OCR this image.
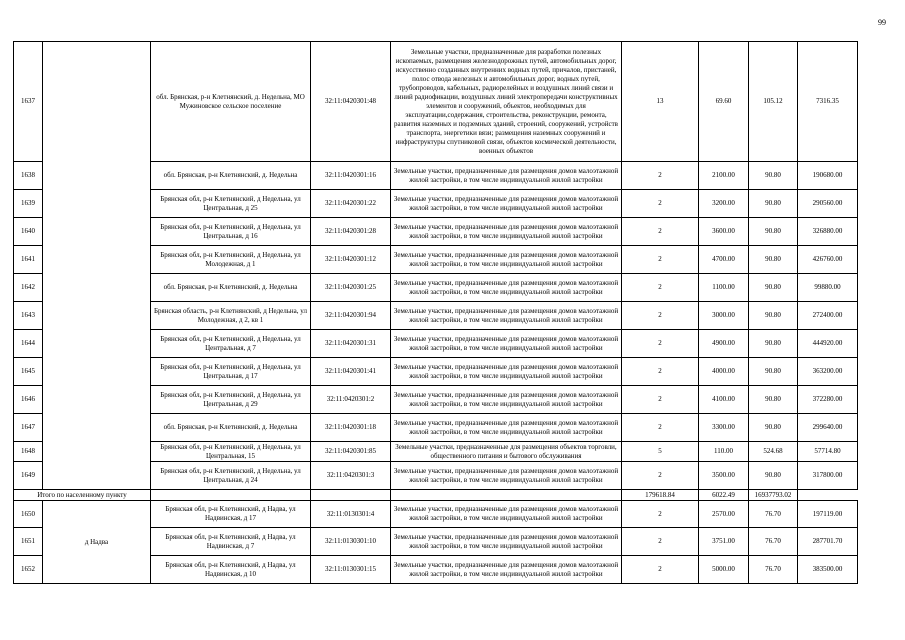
99
1637		обл. Брянская, р-н Клетнянский, д. Недельна, МО Мужиновское сельское поселение	32:11:0420301:48	Земельные участки, предназначенные для разработки полезных ископаемых, размещения железнодорожных путей, автомобильных дорог, искусственно созданных внутренних водных путей, причалов, пристаней, полос отвода железных и автомобильных дорог, водных путей, трубопроводов, кабельных, радиорелейных и воздушных линий связи и линий радиофикации, воздушных линий электропередачи конструктивных элементов и сооружений, объектов, необходимых для эксплуатации,содержания, строительства, реконструкции, ремонта, развития наземных и подземных зданий, строений, сооружений, устройств транспорта, энергетики вязи; размещения наземных сооружений и инфраструктуры спутниковой связи, объектов космической деятельности, военных объектов	13	69.60	105.12	7316.35
1638		обл. Брянская, р-н Клетнянский, д. Недельна	32:11:0420301:16	Земельные участки, предназначенные для размещения домов малоэтажной жилой застройки, в том числе индивидуальной жилой застройки	2	2100.00	90.80	190680.00
1639		Брянская обл, р-н Клетнянский, д Недельна, ул Центральная, д 25	32:11:0420301:22	Земельные участки, предназначенные для размещения домов малоэтажной жилой застройки, в том числе индивидуальной жилой застройки	2	3200.00	90.80	290560.00
1640		Брянская обл, р-н Клетнянский, д Недельна, ул Центральная, д 16	32:11:0420301:28	Земельные участки, предназначенные для размещения домов малоэтажной жилой застройки, в том числе индивидуальной жилой застройки	2	3600.00	90.80	326880.00
1641		Брянская обл, р-н Клетнянский, д Недельна, ул Молодежная, д 1	32:11:0420301:12	Земельные участки, предназначенные для размещения домов малоэтажной жилой застройки, в том числе индивидуальной жилой застройки	2	4700.00	90.80	426760.00
1642		обл. Брянская, р-н Клетнянский, д. Недельна	32:11:0420301:25	Земельные участки, предназначенные для размещения домов малоэтажной жилой застройки, в том числе индивидуальной жилой застройки	2	1100.00	90.80	99880.00
1643		Брянская область, р-н Клетнянский, д Недельна, ул Молодежная, д 2, кв 1	32:11:0420301:94	Земельные участки, предназначенные для размещения домов малоэтажной жилой застройки, в том числе индивидуальной жилой застройки	2	3000.00	90.80	272400.00
1644		Брянская обл, р-н Клетнянский, д Недельна, ул Центральная, д 7	32:11:0420301:31	Земельные участки, предназначенные для размещения домов малоэтажной жилой застройки, в том числе индивидуальной жилой застройки	2	4900.00	90.80	444920.00
1645		Брянская обл, р-н Клетнянский, д Недельна, ул Центральная, д 17	32:11:0420301:41	Земельные участки, предназначенные для размещения домов малоэтажной жилой застройки, в том числе индивидуальной жилой застройки	2	4000.00	90.80	363200.00
1646		Брянская обл, р-н Клетнянский, д Недельна, ул Центральная, д 29	32:11:0420301:2	Земельные участки, предназначенные для размещения домов малоэтажной жилой застройки, в том числе индивидуальной жилой застройки	2	4100.00	90.80	372280.00
1647		обл. Брянская, р-н Клетнянский, д. Недельна	32:11:0420301:18	Земельные участки, предназначенные для размещения домов малоэтажной жилой застройки, в том числе индивидуальной жилой застройки	2	3300.00	90.80	299640.00
1648		Брянская обл, р-н Клетнянский, д Недельна, ул Центральная, 15	32:11:0420301:85	Земельные участки, предназначенные для размещения объектов торговли, общественного питания и бытового обслуживания	5	110.00	524.68	57714.80
1649		Брянская обл, р-н Клетнянский, д Недельна, ул Центральная, д 24	32:11:0420301:3	Земельные участки, предназначенные для размещения домов малоэтажной жилой застройки, в том числе индивидуальной жилой застройки	2	3500.00	90.80	317800.00
Итого по населенному пункту					179618.84	6022.49	16937793.02	
1650	д Надва	Брянская обл, р-н Клетнянский, д Надва, ул Надвинская, д 17	32:11:0130301:4	Земельные участки, предназначенные для размещения домов малоэтажной жилой застройки, в том числе индивидуальной жилой застройки	2	2570.00	76.70	197119.00
1651		Брянская обл, р-н Клетнянский, д Надва, ул Надвинская, д 7	32:11:0130301:10	Земельные участки, предназначенные для размещения домов малоэтажной жилой застройки, в том числе индивидуальной жилой застройки	2	3751.00	76.70	287701.70
1652		Брянская обл, р-н Клетнянский, д Надва, ул Надвинская, д 10	32:11:0130301:15	Земельные участки, предназначенные для размещения домов малоэтажной жилой застройки, в том числе индивидуальной жилой застройки	2	5000.00	76.70	383500.00
